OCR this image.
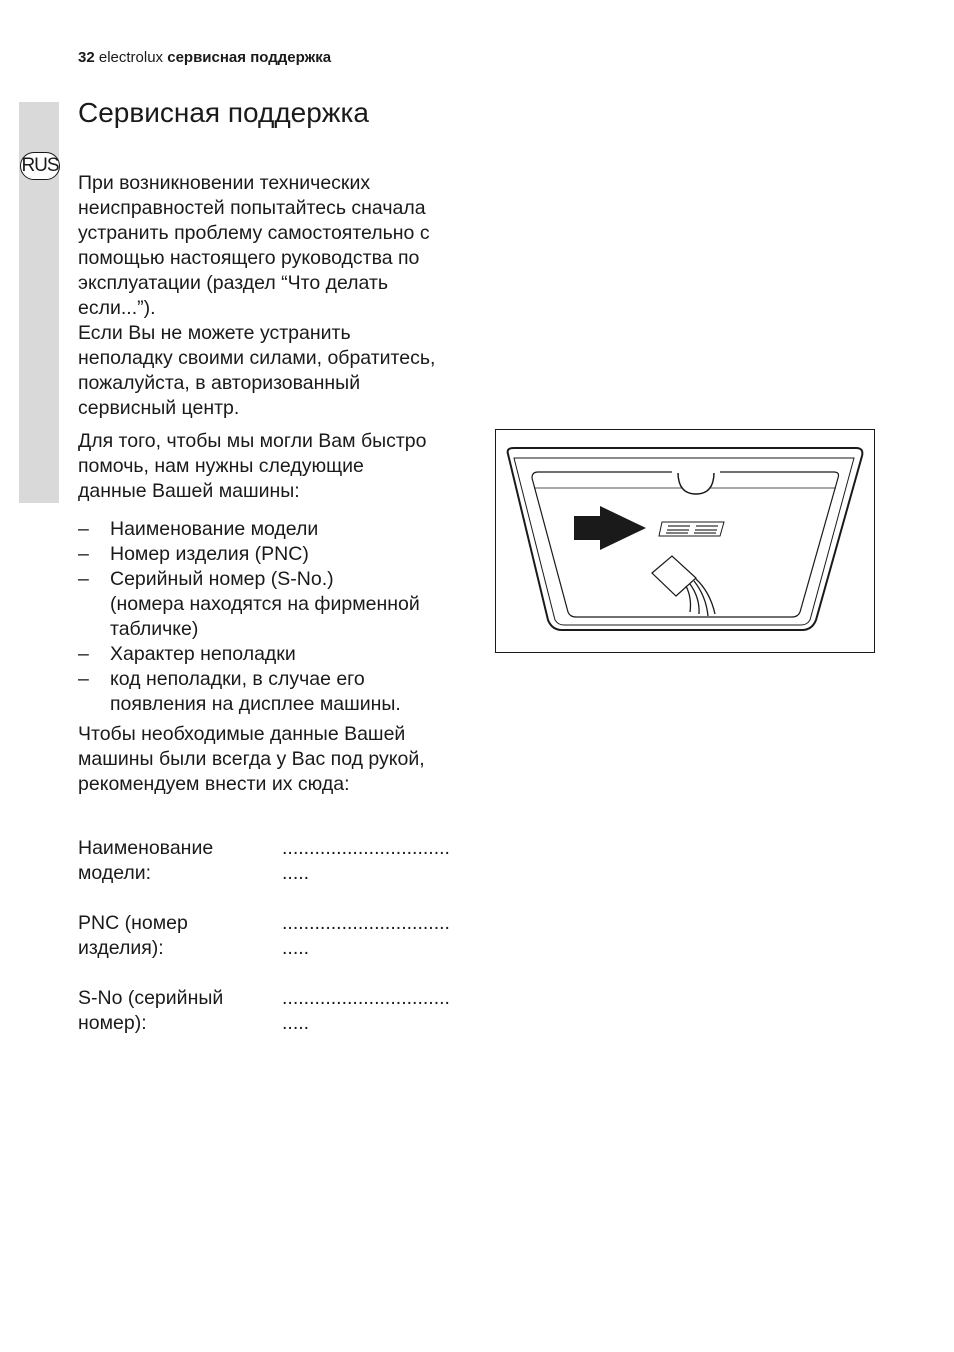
32 electrolux сервисная поддержка
RUS
Сервисная поддержка

При возникновении технических

неисправностей попытайтесь сначала

устранить проблему самостоятельно с

помощью настоящего руководства по

эксплуатации (раздел “Что делать

если...”).

Если Вы не можете устранить

неполадку своими силами, обратитесь,

пожалуйста, в авторизованный

сервисный центр.

Для того, чтобы мы могли Вам быстро

помочь, нам нужны следующие

данные Вашей машины:

–	Наименование модели
–	Номер изделия (PNC)
–	Серийный номер (S-No.)
(номера находятся на фирменной
табличке)
–	Характер неполадки
–	код неполадки, в случае его
появления на дисплее машины.

Чтобы необходимые данные Вашей

машины были всегда у Вас под рукой,

рекомендуем внести их сюда:

Наименование	...............................
модели:	.....
PNC (номер	...............................
изделия):	.....
S-No (серийный	...............................
номер):	.....
